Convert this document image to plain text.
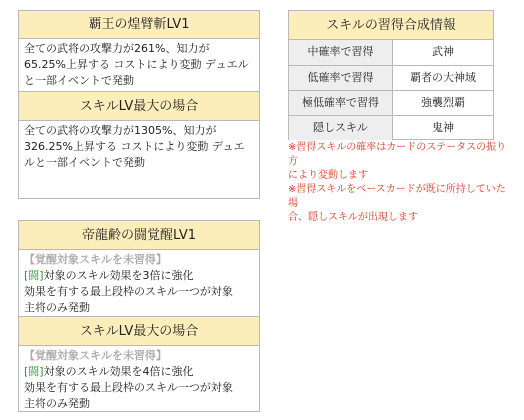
覇王の煌臂斬LV1
全ての武将の攻撃力が261%、知力が
65.25%上昇する コストにより変動 デュエル
と一部イベントで発動
スキルLV最大の場合
全ての武将の攻撃力が1305%、知力が
326.25%上昇する コストにより変動 デュエ
ルと一部イベントで発動
スキルの習得合成情報
中確率で習得	武神
低確率で習得	覇者の大神域
極低確率で習得	強襲烈覇
隠しスキル	鬼神
※習得スキルの確率はカードのステータスの振り方
により変動します
※習得スキルをベースカードが既に所持していた場
合、隠しスキルが出現します
帝龍齢の闘覚醒LV1
【覚醒対象スキルを未習得】
[闘]対象のスキル効果を3倍に強化
効果を有する最上段枠のスキル一つが対象
主将のみ発動
スキルLV最大の場合
【覚醒対象スキルを未習得】
[闘]対象のスキル効果を4倍に強化
効果を有する最上段枠のスキル一つが対象
主将のみ発動
